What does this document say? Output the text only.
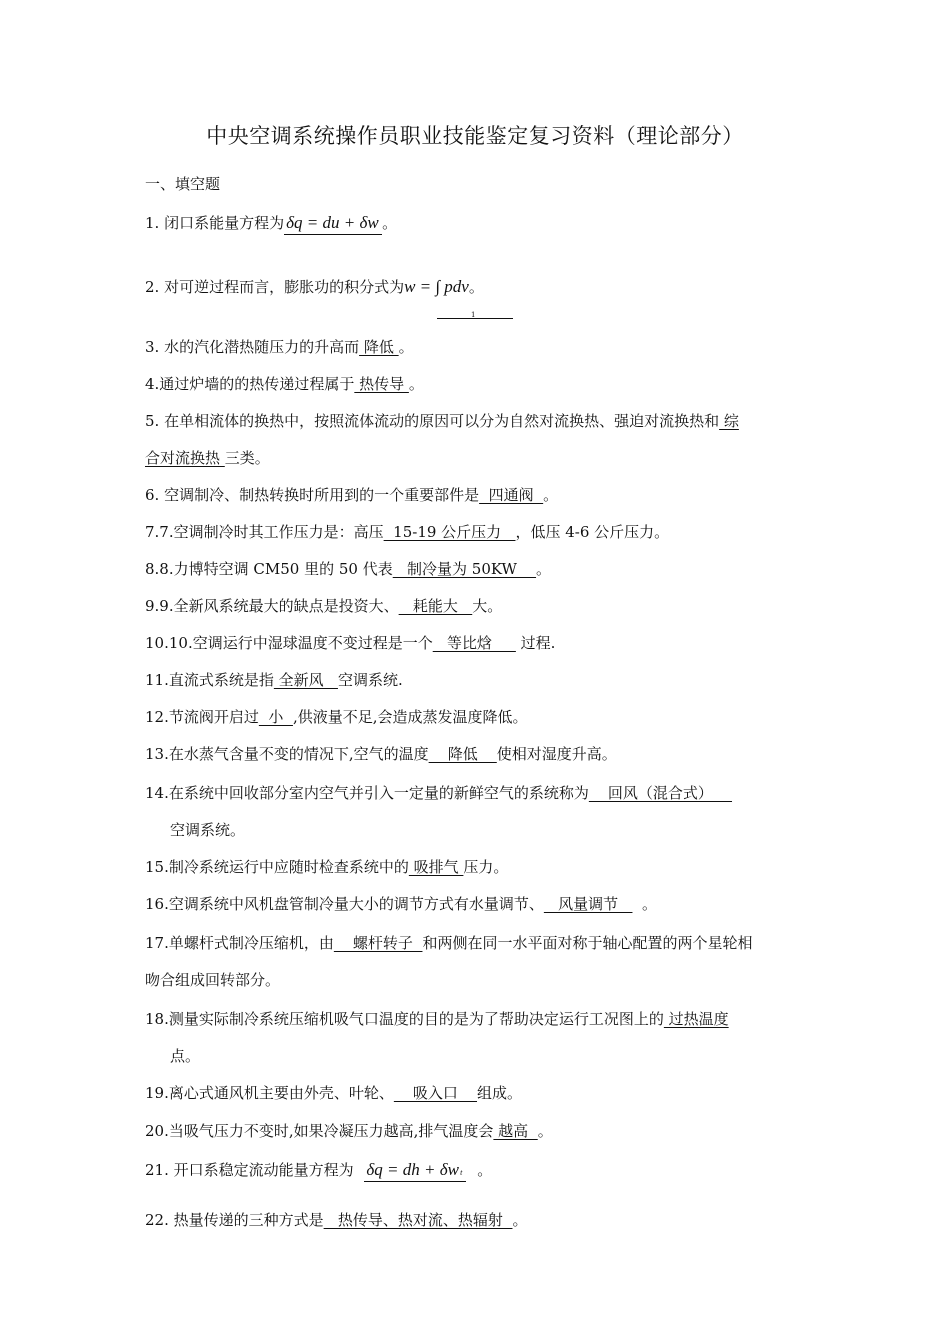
中央空调系统操作员职业技能鉴定复习资料（理论部分）
一、填空题
1. 闭口系能量方程为 δq = du + δw 。
2. 对可逆过程而言，膨胀功的积分式为w = ∫ pdv。
1
3. 水的汽化潜热随压力的升高而 降低 。
4.通过炉墙的的热传递过程属于 热传导 。
5. 在单相流体的换热中，按照流体流动的原因可以分为自然对流换热、强迫对流换热和 综
合对流换热 三类。
6. 空调制冷、制热转换时所用到的一个重要部件是  四通阀  。
7.7.空调制冷时其工作压力是：高压  15-19 公斤压力   ，低压 4-6 公斤压力。
8.8.力博特空调 CM50 里的 50 代表   制冷量为 50KW    。
9.9.全新风系统最大的缺点是投资大、   耗能大   大。
10.10.空调运行中湿球温度不变过程是一个   等比焓      过程.
11.直流式系统是指 全新风   空调系统.
12.节流阀开启过  小  ,供液量不足,会造成蒸发温度降低。
13.在水蒸气含量不变的情况下,空气的温度    降低    使相对湿度升高。
14.在系统中回收部分室内空气并引入一定量的新鲜空气的系统称为    回风（混合式）
空调系统。
15.制冷系统运行中应随时检查系统中的 吸排气 压力。
16.空调系统中风机盘管制冷量大小的调节方式有水量调节、   风量调节     。
17.单螺杆式制冷压缩机，由    螺杆转子  和两侧在同一水平面对称于轴心配置的两个星轮相
吻合组成回转部分。
18.测量实际制冷系统压缩机吸气口温度的目的是为了帮助决定运行工况图上的 过热温度
点。
19.离心式通风机主要由外壳、叶轮、    吸入口    组成。
20.当吸气压力不变时,如果冷凝压力越高,排气温度会 越高  。
21. 开口系稳定流动能量方程为 δq = dh + δw t 。
22. 热量传递的三种方式是   热传导、热对流、热辐射  。
